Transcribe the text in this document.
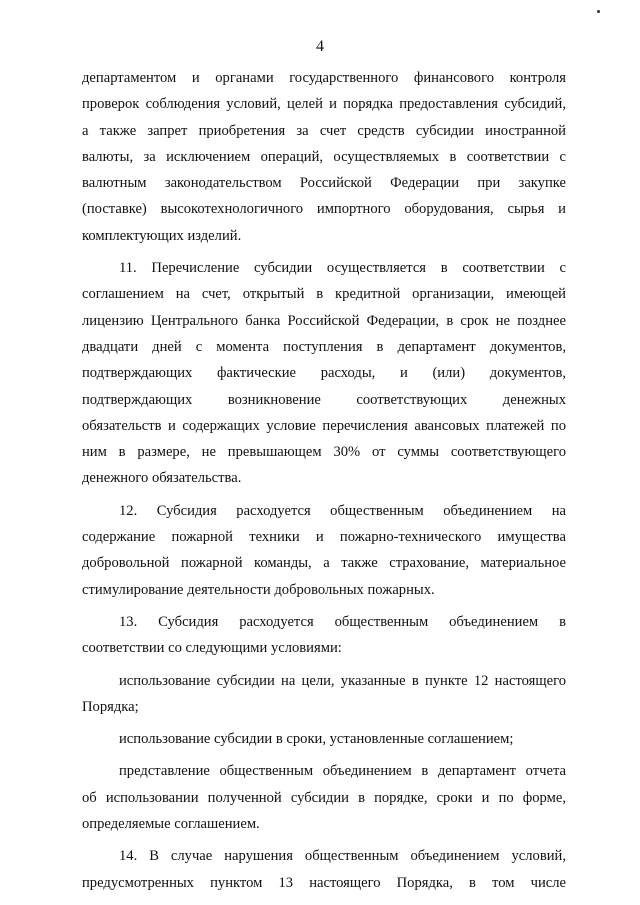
4
департаментом и органами государственного финансового контроля
проверок соблюдения условий, целей и порядка предоставления субсидий,
а также запрет приобретения за счет средств субсидии иностранной
валюты, за исключением операций, осуществляемых в соответствии с
валютным законодательством Российской Федерации при закупке
(поставке) высокотехнологичного импортного оборудования, сырья и
комплектующих изделий.
11. Перечисление субсидии осуществляется в соответствии с
соглашением на счет, открытый в кредитной организации, имеющей
лицензию Центрального банка Российской Федерации, в срок не позднее
двадцати дней с момента поступления в департамент документов,
подтверждающих фактические расходы, и (или) документов,
подтверждающих возникновение соответствующих денежных
обязательств и содержащих условие перечисления авансовых платежей по
ним в размере, не превышающем 30% от суммы соответствующего
денежного обязательства.
12. Субсидия расходуется общественным объединением на
содержание пожарной техники и пожарно-технического имущества
добровольной пожарной команды, а также страхование, материальное
стимулирование деятельности добровольных пожарных.
13. Субсидия расходуется общественным объединением в
соответствии со следующими условиями:
использование субсидии на цели, указанные в пункте 12 настоящего
Порядка;
использование субсидии в сроки, установленные соглашением;
представление общественным объединением в департамент отчета
об использовании полученной субсидии в порядке, сроки и по форме,
определяемые соглашением.
14. В случае нарушения общественным объединением условий,
предусмотренных пунктом 13 настоящего Порядка, в том числе
